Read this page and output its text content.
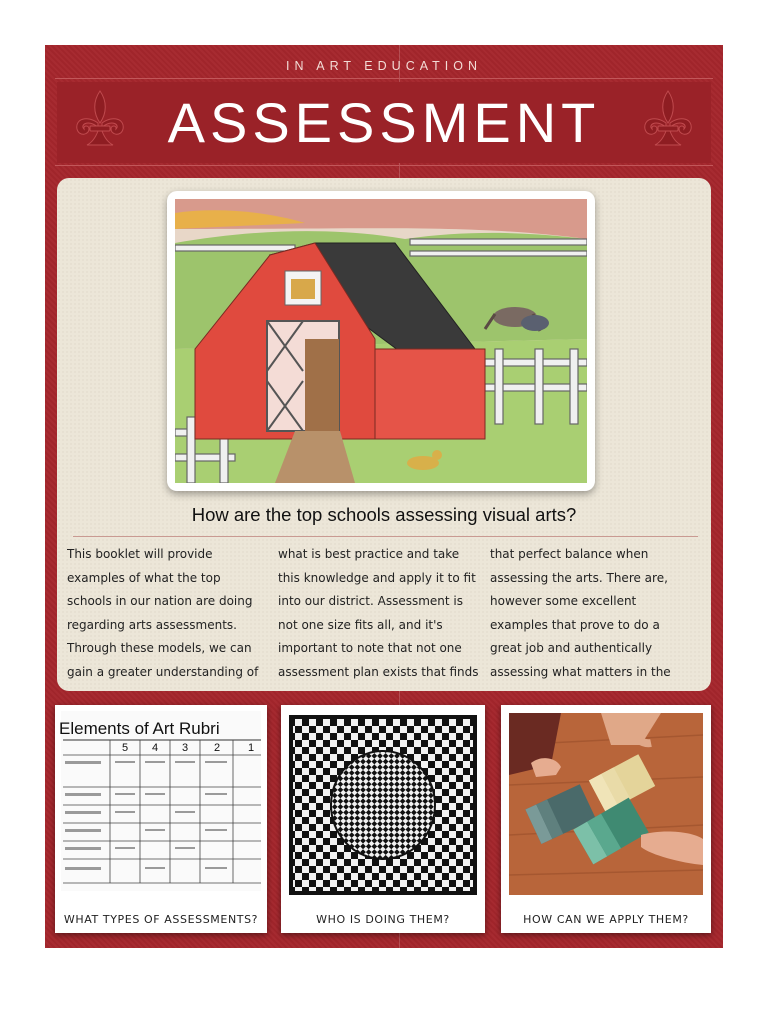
IN ART EDUCATION
ASSESSMENT
How are the top schools assessing visual arts?
This booklet will provide
examples of what the top
schools in our nation are doing
regarding arts assessments.
Through these models, we can
gain a greater understanding of
what is best practice and take
this knowledge and apply it to fit
into our district. Assessment is
not one size fits all, and it's
important to note that not one
assessment plan exists that finds
that perfect balance when
assessing the arts. There are,
however some excellent
examples that prove to do a
great job and authentically
assessing what matters in the
Elements of Art Rubri
5 4 3 2	1
WHAT TYPES OF ASSESSMENTS?	WHO IS DOING THEM?	HOW CAN WE APPLY THEM?
